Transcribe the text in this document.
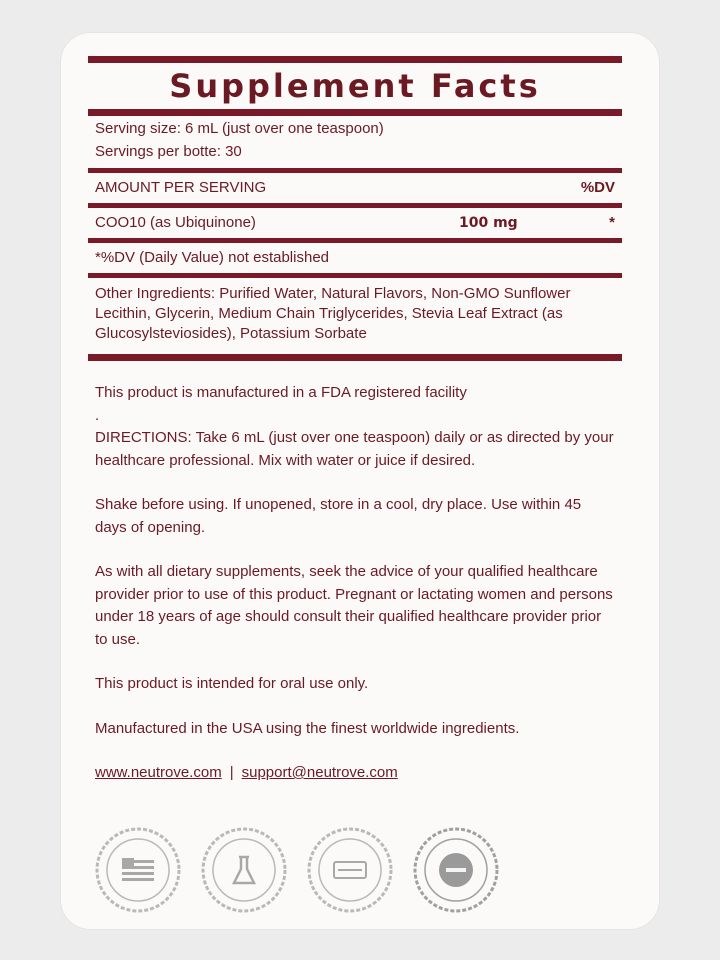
Supplement Facts
Serving size: 6 mL (just over one teaspoon)
Servings per botte: 30
AMOUNT PER SERVING	%DV
COO10 (as Ubiquinone)	100 mg	*
*%DV (Daily Value) not established
Other Ingredients: Purified Water, Natural Flavors, Non-GMO Sunflower Lecithin, Glycerin, Medium Chain Triglycerides, Stevia Leaf Extract (as Glucosylsteviosides), Potassium Sorbate

This product is manufactured in a FDA registered facility

.

DIRECTIONS: Take 6 mL (just over one teaspoon) daily or as directed by your healthcare professional. Mix with water or juice if desired.

Shake before using. If unopened, store in a cool, dry place. Use within 45 days of opening.

As with all dietary supplements, seek the advice of your qualified healthcare provider prior to use of this product. Pregnant or lactating women and persons under 18 years of age should consult their qualified healthcare provider prior to use.

This product is intended for oral use only.

Manufactured in the USA using the finest worldwide ingredients.

www.neutrove.com | support@neutrove.com
